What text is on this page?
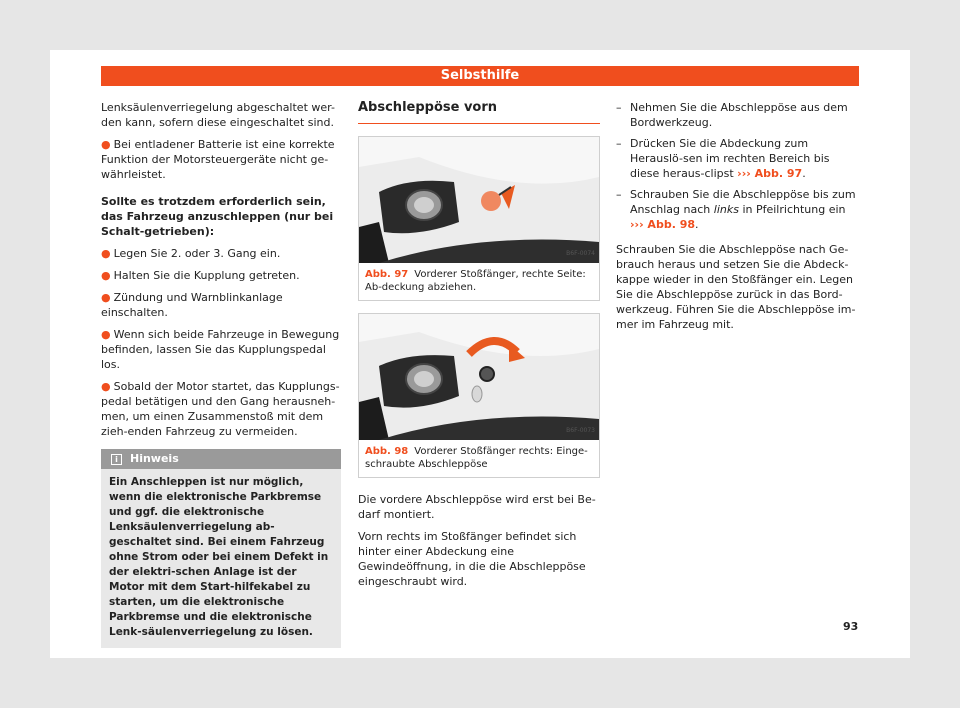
Selbsthilfe

Lenksäulenverriegelung abgeschaltet wer-den kann, sofern diese eingeschaltet sind.

● Bei entladener Batterie ist eine korrekte Funktion der Motorsteuergeräte nicht ge-währleistet.

Sollte es trotzdem erforderlich sein, das Fahrzeug anzuschleppen (nur bei Schalt-getrieben):

● Legen Sie 2. oder 3. Gang ein.

● Halten Sie die Kupplung getreten.

● Zündung und Warnblinkanlage einschalten.

● Wenn sich beide Fahrzeuge in Bewegung befinden, lassen Sie das Kupplungspedal los.

● Sobald der Motor startet, das Kupplungs-pedal betätigen und den Gang herausneh-men, um einen Zusammenstoß mit dem zieh-enden Fahrzeug zu vermeiden.

i Hinweis
Ein Anschleppen ist nur möglich, wenn die elektronische Parkbremse und ggf. die elektronische Lenksäulenverriegelung ab-geschaltet sind. Bei einem Fahrzeug ohne Strom oder bei einem Defekt in der elektri-schen Anlage ist der Motor mit dem Start-hilfekabel zu starten, um die elektronische Parkbremse und die elektronische Lenk-säulenverriegelung zu lösen.
Abschleppöse vorn
B6F-0074
Abb. 97 Vorderer Stoßfänger, rechte Seite: Ab-deckung abziehen.
B6F-0073
Abb. 98 Vorderer Stoßfänger rechts: Einge-schraubte Abschleppöse

Die vordere Abschleppöse wird erst bei Be-darf montiert.

Vorn rechts im Stoßfänger befindet sich hinter einer Abdeckung eine Gewindeöffnung, in die die Abschleppöse eingeschraubt wird.

– Nehmen Sie die Abschleppöse aus dem Bordwerkzeug.
– Drücken Sie die Abdeckung zum Herauslö-sen im rechten Bereich bis diese heraus-clipst ››› Abb. 97.
– Schrauben Sie die Abschleppöse bis zum Anschlag nach links in Pfeilrichtung ein ››› Abb. 98.

Schrauben Sie die Abschleppöse nach Ge-brauch heraus und setzen Sie die Abdeck-kappe wieder in den Stoßfänger ein. Legen Sie die Abschleppöse zurück in das Bord-werkzeug. Führen Sie die Abschleppöse im-mer im Fahrzeug mit.

93
